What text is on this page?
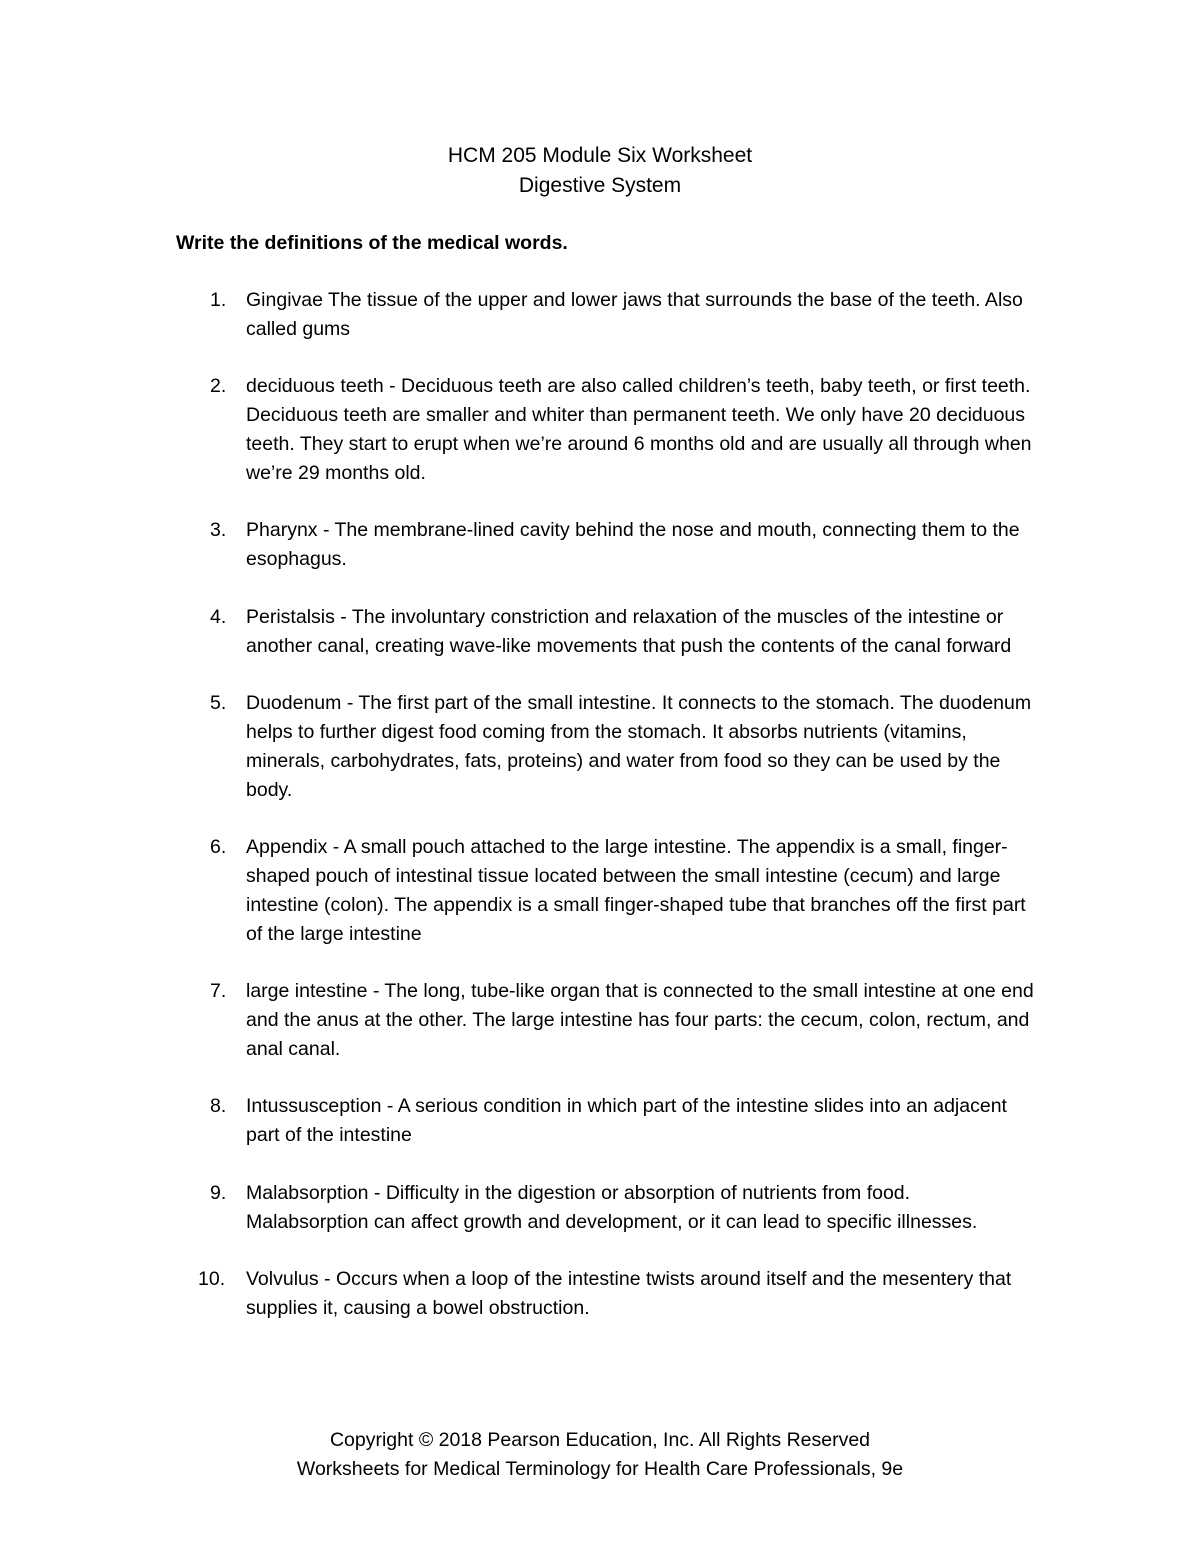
HCM 205 Module Six Worksheet
Digestive System

Write the definitions of the medical words.

1. Gingivae The tissue of the upper and lower jaws that surrounds the base of the teeth. Also called gums
2. deciduous teeth - Deciduous teeth are also called children’s teeth, baby teeth, or first teeth. Deciduous teeth are smaller and whiter than permanent teeth. We only have 20 deciduous teeth. They start to erupt when we’re around 6 months old and are usually all through when we’re 29 months old.
3. Pharynx - The membrane-lined cavity behind the nose and mouth, connecting them to the esophagus.
4. Peristalsis - The involuntary constriction and relaxation of the muscles of the intestine or another canal, creating wave-like movements that push the contents of the canal forward
5. Duodenum - The first part of the small intestine. It connects to the stomach. The duodenum helps to further digest food coming from the stomach. It absorbs nutrients (vitamins, minerals, carbohydrates, fats, proteins) and water from food so they can be used by the body.
6. Appendix - A small pouch attached to the large intestine. The appendix is a small, finger-shaped pouch of intestinal tissue located between the small intestine (cecum) and large intestine (colon). The appendix is a small finger-shaped tube that branches off the first part of the large intestine
7. large intestine - The long, tube-like organ that is connected to the small intestine at one end and the anus at the other. The large intestine has four parts: the cecum, colon, rectum, and anal canal.
8. Intussusception - A serious condition in which part of the intestine slides into an adjacent part of the intestine
9. Malabsorption - Difficulty in the digestion or absorption of nutrients from food. Malabsorption can affect growth and development, or it can lead to specific illnesses.
10. Volvulus - Occurs when a loop of the intestine twists around itself and the mesentery that supplies it, causing a bowel obstruction.
Copyright © 2018 Pearson Education, Inc. All Rights Reserved
Worksheets for Medical Terminology for Health Care Professionals, 9e
